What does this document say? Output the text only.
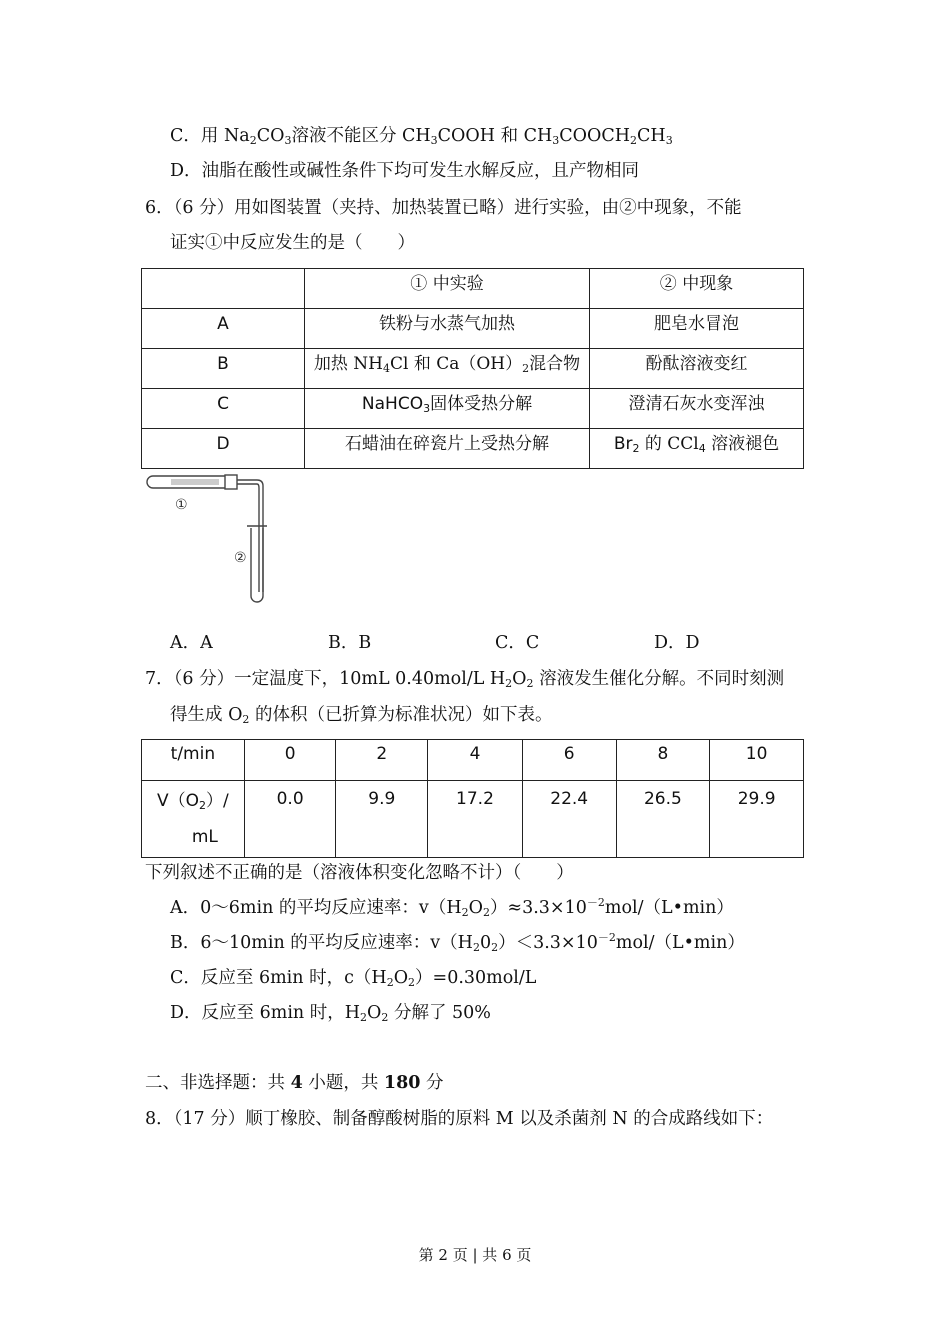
C．用 $Na_2CO_3$溶液不能区分 $CH_3COOH$ 和 $CH_3COOCH_2CH_3$
D．油脂在酸性或碱性条件下均可发生水解反应，且产物相同
6．（6 分）用如图装置（夹持、加热装置已略）进行实验，由②中现象，不能
证实①中反应发生的是（　　）
	① 中实验	② 中现象
A	铁粉与水蒸气加热	肥皂水冒泡
B	加热 $NH_4Cl$ 和 $Ca(OH)_2$混合物	酚酞溶液变红
C	NaHCO$_3$固体受热分解	澄清石灰水变浑浊
D	石蜡油在碎瓷片上受热分解	$Br_2$ 的 CCl$_4$ 溶液褪色
①
②
A．A	B．B	C．C	D．D
7．（6 分）一定温度下，10mL 0.40mol/L $H_2O_2$ 溶液发生催化分解。不同时刻测
得生成 $O_2$ 的体积（已折算为标准状况）如下表。
t/min	0	2	4	6	8	10

$V(O_2)/$
mL	0.0	9.9	17.2	22.4	26.5	29.9
下列叙述不正确的是（溶液体积变化忽略不计）（　　）
A．0～6min 的平均反应速率：$v(H_2O_2)\approx 3.3\times 10^{-2}mol/(L•\min)$
B．6～10min 的平均反应速率：$v(H_20_2)<3.3\times 10^{-2}mol/(L•\min)$
C．反应至 6min 时，$c(H_2O_2)=0.30mol/L$
D．反应至 6min 时，$H_2O_2$ 分解了 50%
二、非选择题：共 4 小题，共 180 分
8．（17 分）顺丁橡胶、制备醇酸树脂的原料 M 以及杀菌剂 N 的合成路线如下：
第 2 页 | 共 6 页
